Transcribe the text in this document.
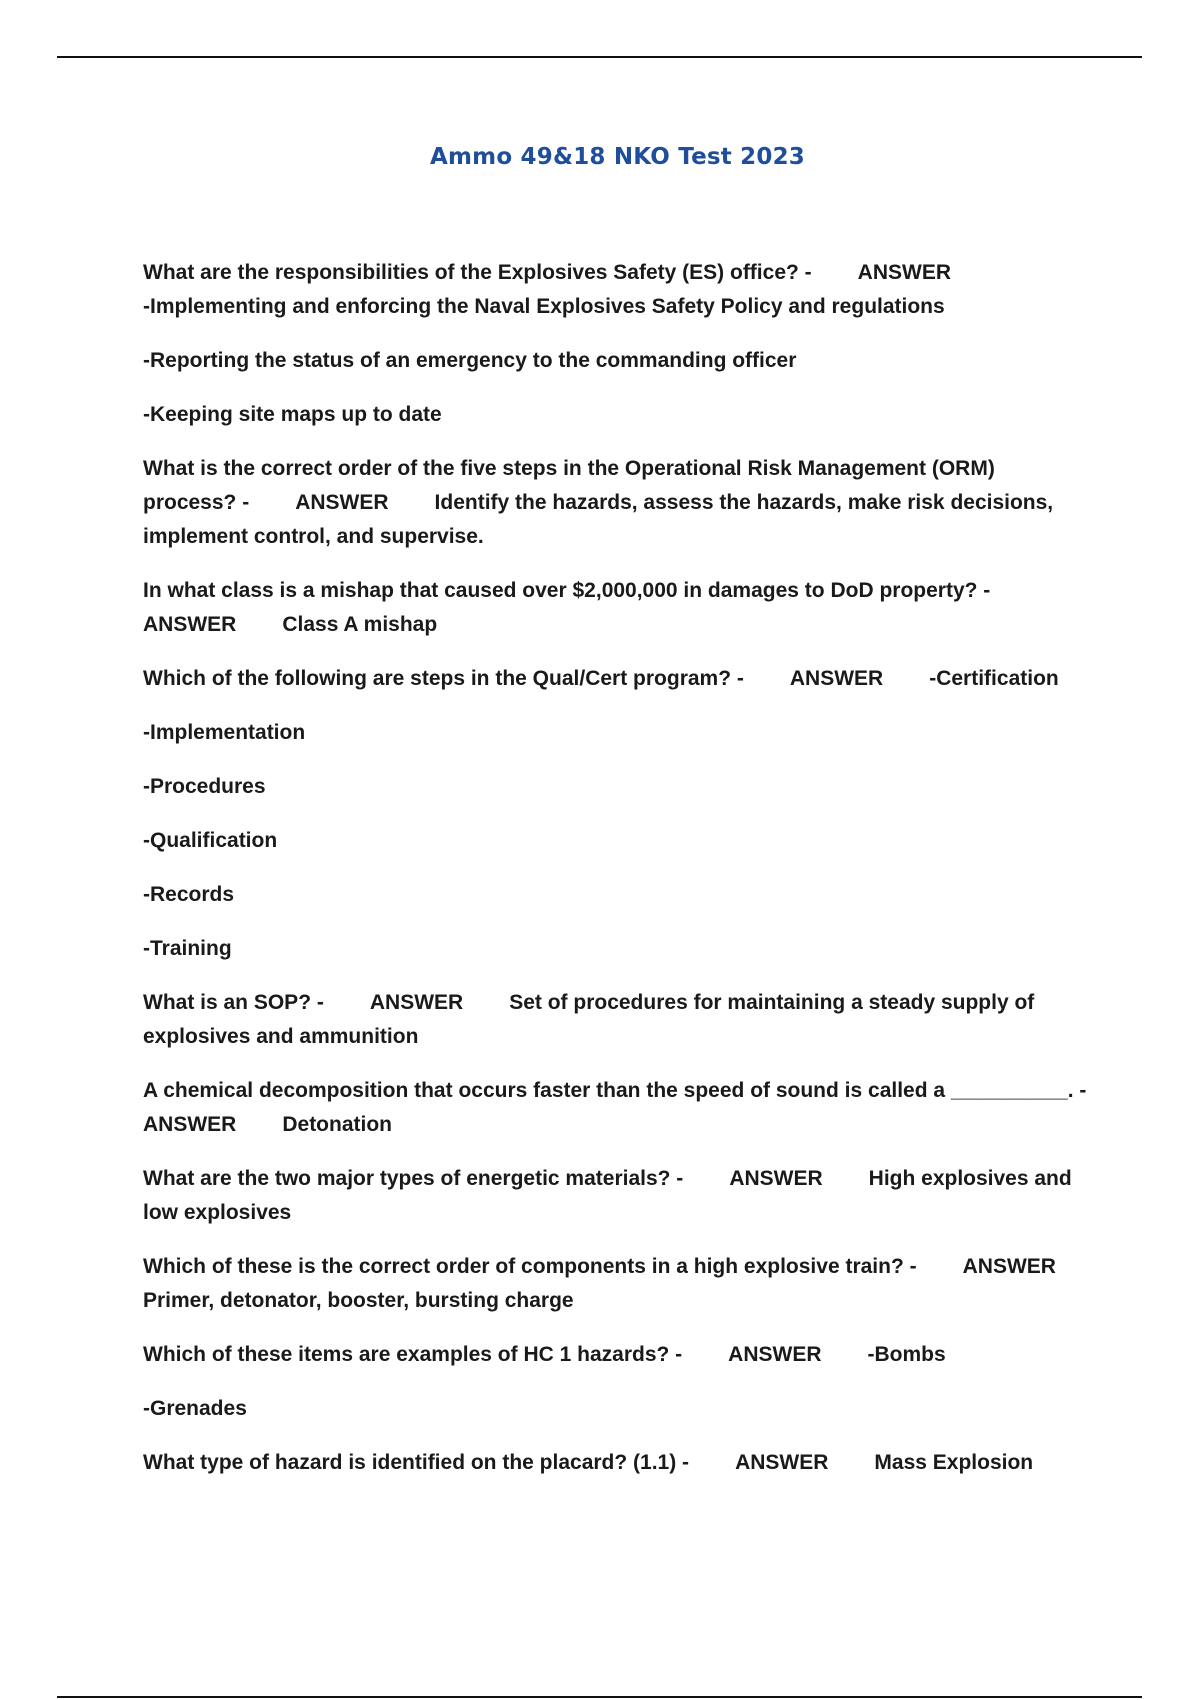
Ammo 49&18 NKO Test 2023
What are the responsibilities of the Explosives Safety (ES) office? - ANSWER
-Implementing and enforcing the Naval Explosives Safety Policy and regulations
-Reporting the status of an emergency to the commanding officer
-Keeping site maps up to date
What is the correct order of the five steps in the Operational Risk Management (ORM)
process? - ANSWER Identify the hazards, assess the hazards, make risk decisions,
implement control, and supervise.
In what class is a mishap that caused over $2,000,000 in damages to DoD property? -
ANSWER Class A mishap
Which of the following are steps in the Qual/Cert program? - ANSWER -Certification
-Implementation
-Procedures
-Qualification
-Records
-Training
What is an SOP? - ANSWER Set of procedures for maintaining a steady supply of
explosives and ammunition
A chemical decomposition that occurs faster than the speed of sound is called a __________. -
ANSWER Detonation
What are the two major types of energetic materials? - ANSWER High explosives and
low explosives
Which of these is the correct order of components in a high explosive train? - ANSWER
Primer, detonator, booster, bursting charge
Which of these items are examples of HC 1 hazards? - ANSWER -Bombs
-Grenades
What type of hazard is identified on the placard? (1.1) - ANSWER Mass Explosion
